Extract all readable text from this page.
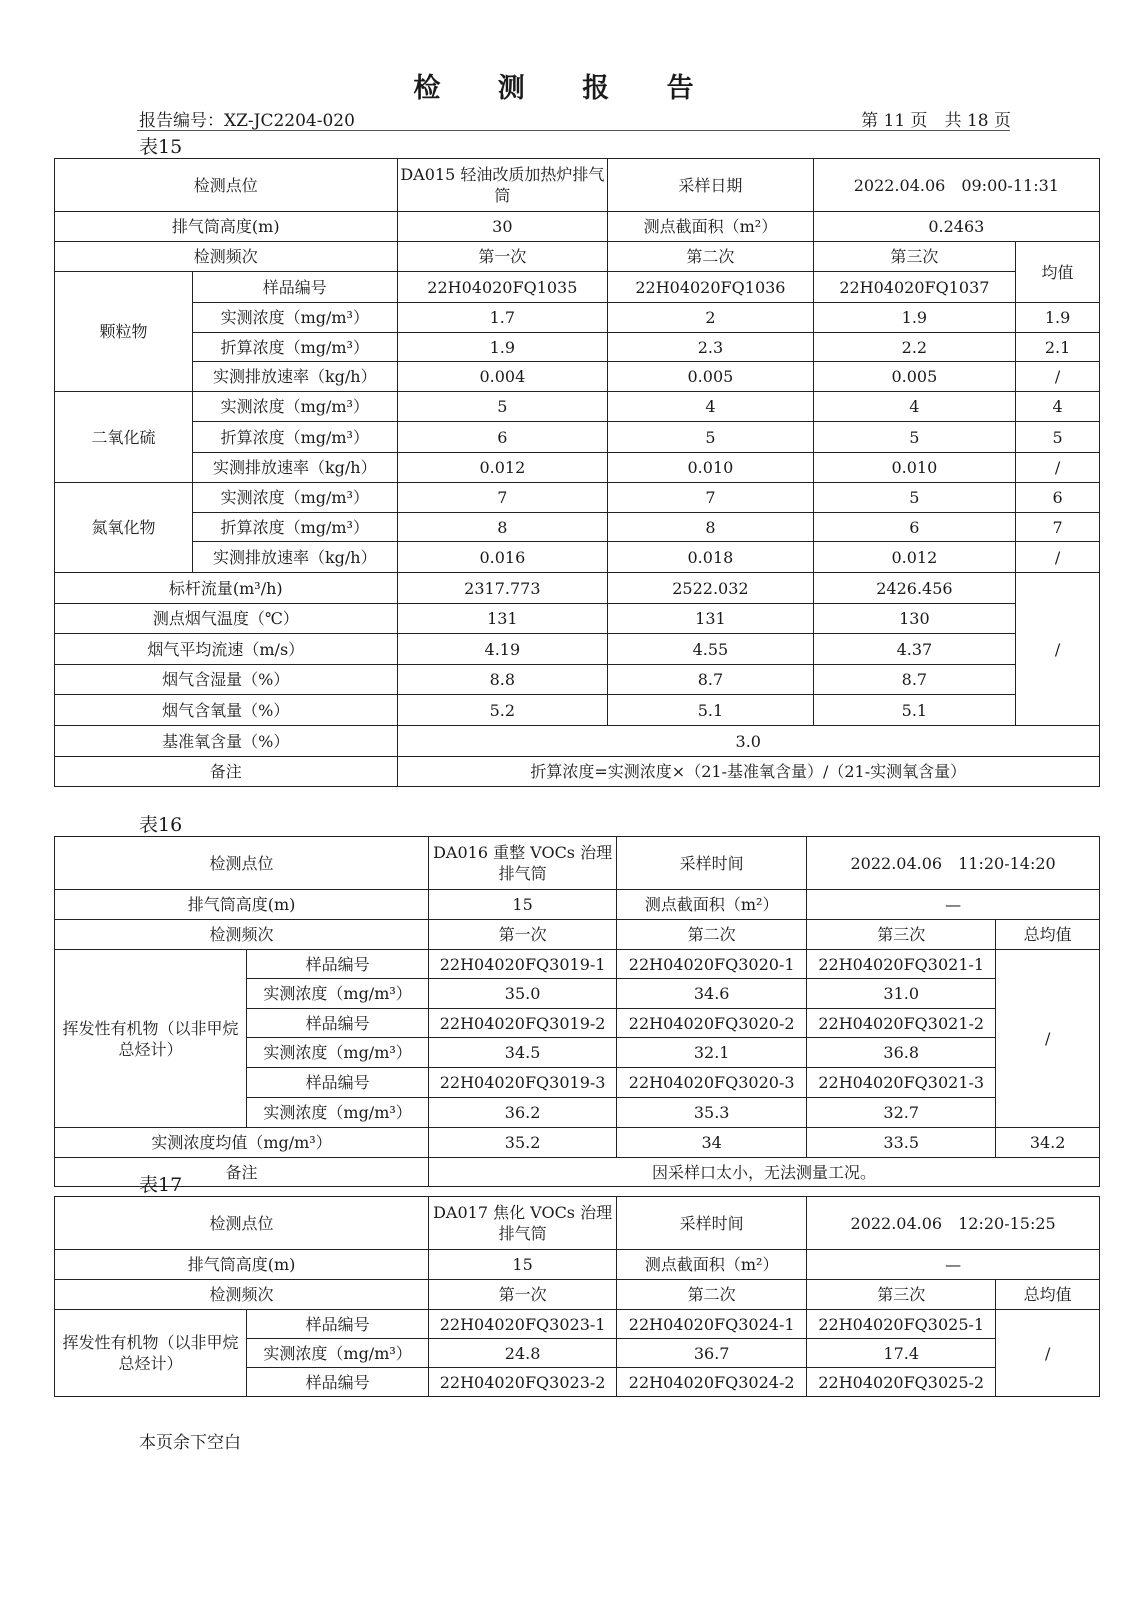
检 测 报 告
报告编号：XZ-JC2204-020	第 11 页　共 18 页
表15
检测点位		DA015 轻油改质加热炉排气筒	采样日期	2022.04.06　09:00-11:31	
排气筒高度(m)		30	测点截面积（m²）	0.2463	
检测频次		第一次	第二次	第三次	均值
颗粒物	样品编号	22H04020FQ1035	22H04020FQ1036	22H04020FQ1037	
	实测浓度（mg/m³）	1.7	2	1.9	1.9
	折算浓度（mg/m³）	1.9	2.3	2.2	2.1
	实测排放速率（kg/h）	0.004	0.005	0.005	/
二氧化硫	实测浓度（mg/m³）	5	4	4	4
	折算浓度（mg/m³）	6	5	5	5
	实测排放速率（kg/h）	0.012	0.010	0.010	/
氮氧化物	实测浓度（mg/m³）	7	7	5	6
	折算浓度（mg/m³）	8	8	6	7
	实测排放速率（kg/h）	0.016	0.018	0.012	/
标杆流量(m³/h)		2317.773	2522.032	2426.456	/
测点烟气温度（℃）		131	131	130	
烟气平均流速（m/s）		4.19	4.55	4.37	
烟气含湿量（%）		8.8	8.7	8.7	
烟气含氧量（%）		5.2	5.1	5.1	
基准氧含量（%）		3.0			
备注		折算浓度=实测浓度×（21-基准氧含量）/（21-实测氧含量）			
表16
检测点位		DA016 重整 VOCs 治理排气筒	采样时间	2022.04.06　11:20-14:20	
排气筒高度(m)		15	测点截面积（m²）	—	
检测频次		第一次	第二次	第三次	总均值
挥发性有机物（以非甲烷总烃计）	样品编号	22H04020FQ3019-1	22H04020FQ3020-1	22H04020FQ3021-1	/
	实测浓度（mg/m³）	35.0	34.6	31.0	
	样品编号	22H04020FQ3019-2	22H04020FQ3020-2	22H04020FQ3021-2	
	实测浓度（mg/m³）	34.5	32.1	36.8	
	样品编号	22H04020FQ3019-3	22H04020FQ3020-3	22H04020FQ3021-3	
	实测浓度（mg/m³）	36.2	35.3	32.7	
实测浓度均值（mg/m³）		35.2	34	33.5	34.2
备注		因采样口太小，无法测量工况。			
表17
检测点位		DA017 焦化 VOCs 治理排气筒	采样时间	2022.04.06　12:20-15:25	
排气筒高度(m)		15	测点截面积（m²）	—	
检测频次		第一次	第二次	第三次	总均值
挥发性有机物（以非甲烷总烃计）	样品编号	22H04020FQ3023-1	22H04020FQ3024-1	22H04020FQ3025-1	/
	实测浓度（mg/m³）	24.8	36.7	17.4	
	样品编号	22H04020FQ3023-2	22H04020FQ3024-2	22H04020FQ3025-2	
本页余下空白
